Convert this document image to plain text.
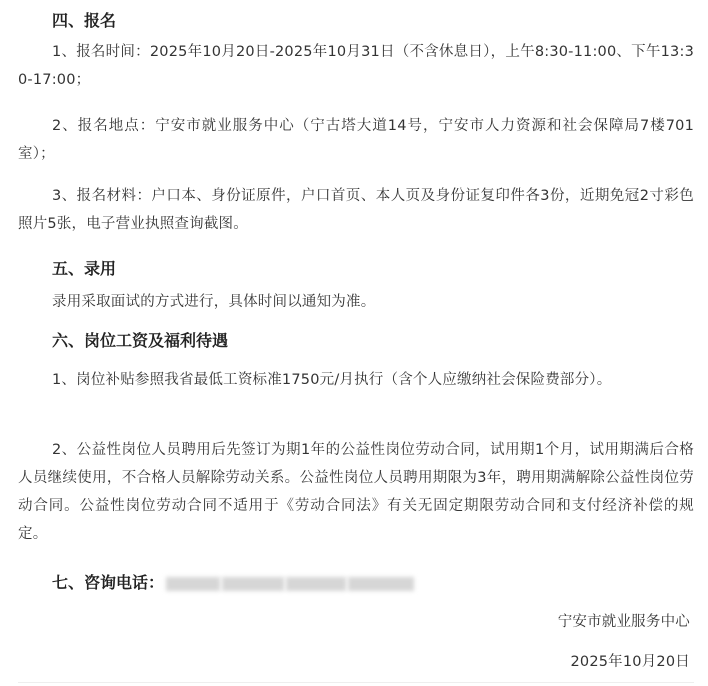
四、报名
1、报名时间：2025年10月20日-2025年10月31日（不含休息日），上午8:30-11:00、下午13:30-17:00；
2、报名地点：宁安市就业服务中心（宁古塔大道14号，宁安市人力资源和社会保障局7楼701室）；
3、报名材料：户口本、身份证原件，户口首页、本人页及身份证复印件各3份，近期免冠2寸彩色照片5张，电子营业执照查询截图。
五、录用
录用采取面试的方式进行，具体时间以通知为准。
六、岗位工资及福利待遇
1、岗位补贴参照我省最低工资标准1750元/月执行（含个人应缴纳社会保险费部分）。
2、公益性岗位人员聘用后先签订为期1年的公益性岗位劳动合同，试用期1个月，试用期满后合格人员继续使用，不合格人员解除劳动关系。公益性岗位人员聘用期限为3年，聘用期满解除公益性岗位劳动合同。公益性岗位劳动合同不适用于《劳动合同法》有关无固定期限劳动合同和支付经济补偿的规定。
七、咨询电话：
宁安市就业服务中心
2025年10月20日
